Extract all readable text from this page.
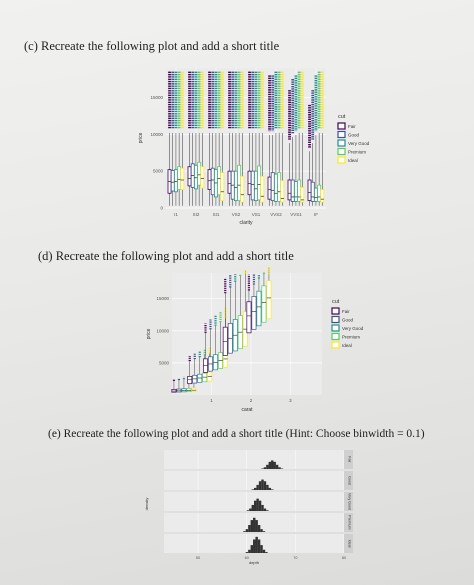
(c) Recreate the following plot and add a short title
(d) Recreate the following plot and add a short title
(e) Recreate the following plot and add a short title (Hint: Choose binwidth = 0.1)
0
5000
10000
15000
I1	SI2	SI1	VS2	VS1 VVS2 VVS1	IF
clarity
price
cut
Fair
Good
Very Good
Premium
Ideal
5000
10000
15000
1	2	3
carat
price
cut
Fair
Good
Very Good
Premium
Ideal
Fair
Good
Very Good
Premium
Ideal
50	60	70	80
depth
density
